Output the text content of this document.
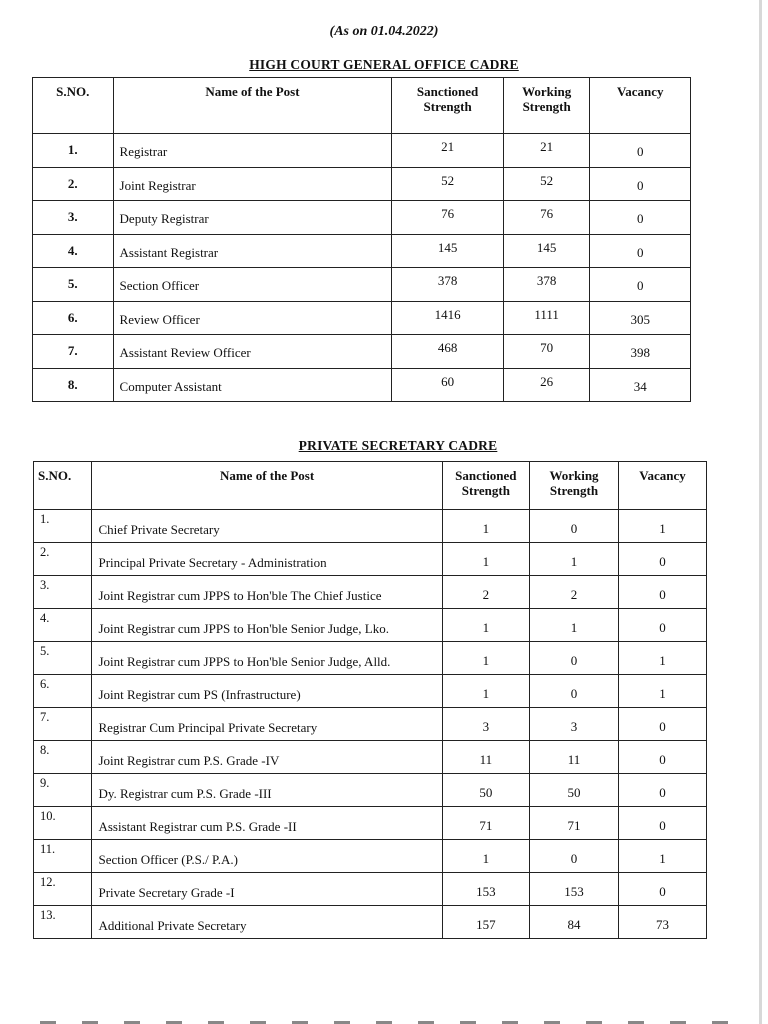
(As on 01.04.2022)
HIGH COURT GENERAL OFFICE CADRE
S.NO.	Name of the Post	Sanctioned Strength	Working Strength	Vacancy
1.	Registrar	21	21	0
2.	Joint Registrar	52	52	0
3.	Deputy Registrar	76	76	0
4.	Assistant Registrar	145	145	0
5.	Section Officer	378	378	0
6.	Review Officer	1416	1111	305
7.	Assistant Review Officer	468	70	398
8.	Computer Assistant	60	26	34
PRIVATE SECRETARY CADRE
S.NO.	Name of the Post	Sanctioned Strength	Working Strength	Vacancy
1.	Chief Private Secretary	1	0	1
2.	Principal Private Secretary - Administration	1	1	0
3.	Joint Registrar cum JPPS to Hon'ble The Chief Justice	2	2	0
4.	Joint Registrar cum JPPS to Hon'ble Senior Judge, Lko.	1	1	0
5.	Joint Registrar cum JPPS to Hon'ble Senior Judge, Alld.	1	0	1
6.	Joint Registrar cum PS (Infrastructure)	1	0	1
7.	Registrar Cum Principal Private Secretary	3	3	0
8.	Joint Registrar cum P.S. Grade -IV	11	11	0
9.	Dy. Registrar cum P.S. Grade -III	50	50	0
10.	Assistant Registrar cum P.S. Grade -II	71	71	0
11.	Section Officer (P.S./ P.A.)	1	0	1
12.	Private Secretary Grade -I	153	153	0
13.	Additional Private Secretary	157	84	73
